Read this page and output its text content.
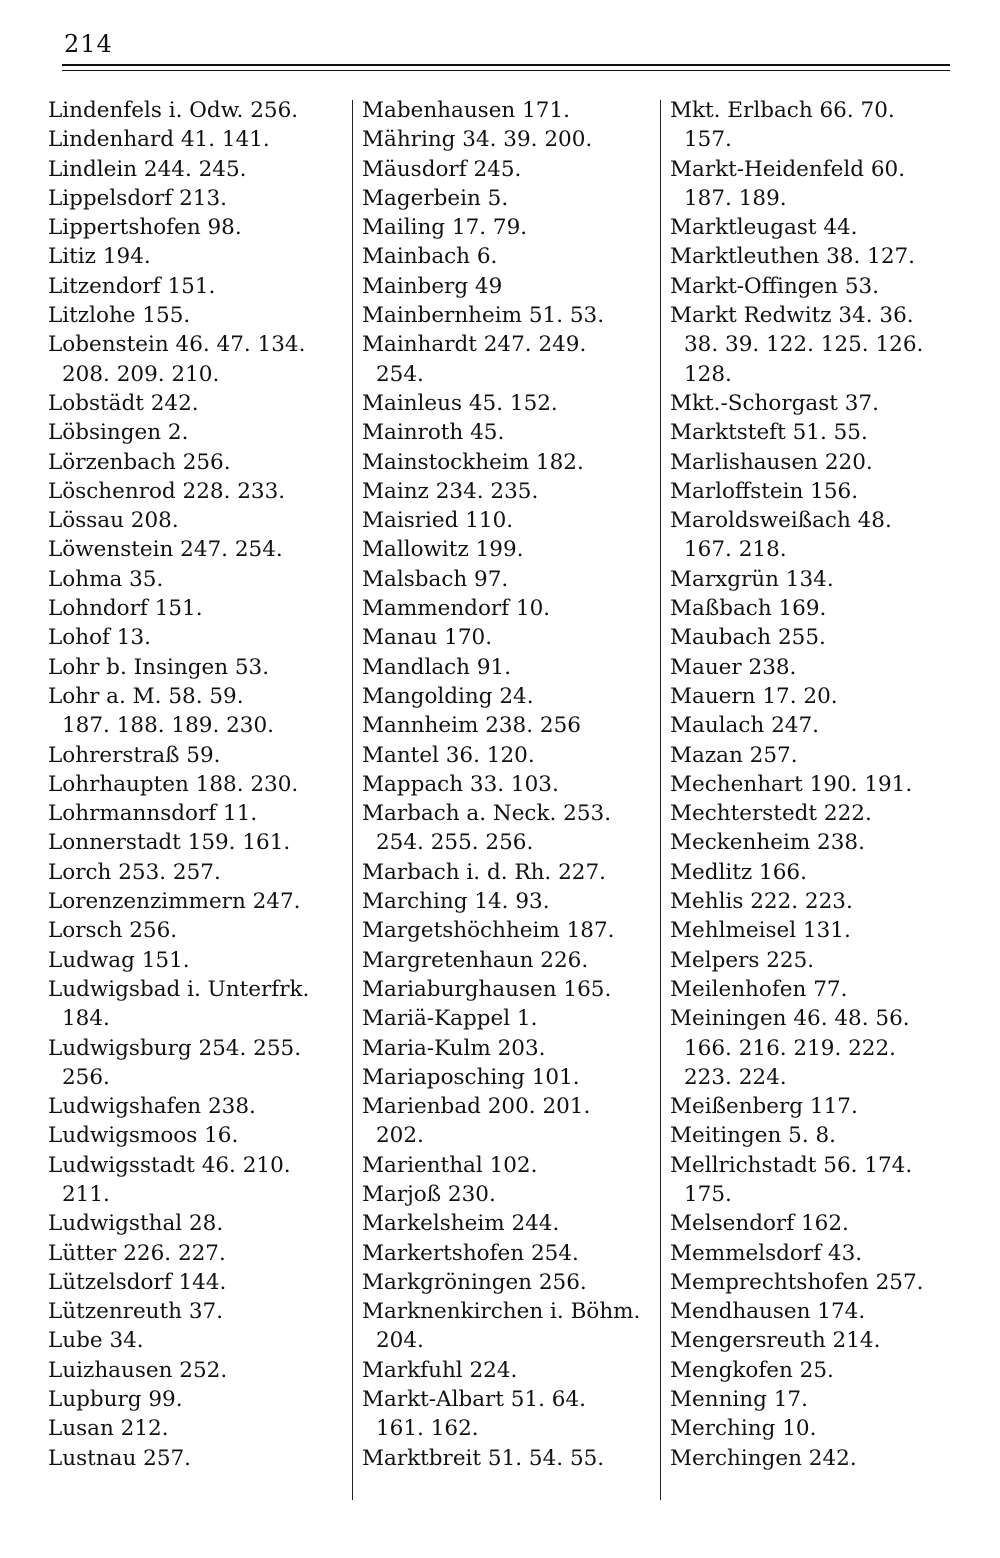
214
Lindenfels i. Odw. 256.
Lindenhard 41. 141.
Lindlein 244. 245.
Lippelsdorf 213.
Lippertshofen 98.
Litiz 194.
Litzendorf 151.
Litzlohe 155.
Lobenstein 46. 47. 134.
208. 209. 210.
Lobstädt 242.
Löbsingen 2.
Lörzenbach 256.
Löschenrod 228. 233.
Lössau 208.
Löwenstein 247. 254.
Lohma 35.
Lohndorf 151.
Lohof 13.
Lohr b. Insingen 53.
Lohr a. M. 58. 59.
187. 188. 189. 230.
Lohrerstraß 59.
Lohrhaupten 188. 230.
Lohrmannsdorf 11.
Lonnerstadt 159. 161.
Lorch 253. 257.
Lorenzenzimmern 247.
Lorsch 256.
Ludwag 151.
Ludwigsbad i. Unterfrk.
184.
Ludwigsburg 254. 255.
256.
Ludwigshafen 238.
Ludwigsmoos 16.
Ludwigsstadt 46. 210.
211.
Ludwigsthal 28.
Lütter 226. 227.
Lützelsdorf 144.
Lützenreuth 37.
Lube 34.
Luizhausen 252.
Lupburg 99.
Lusan 212.
Lustnau 257.
Mabenhausen 171.
Mähring 34. 39. 200.
Mäusdorf 245.
Magerbein 5.
Mailing 17. 79.
Mainbach 6.
Mainberg 49
Mainbernheim 51. 53.
Mainhardt 247. 249.
254.
Mainleus 45. 152.
Mainroth 45.
Mainstockheim 182.
Mainz 234. 235.
Maisried 110.
Mallowitz 199.
Malsbach 97.
Mammendorf 10.
Manau 170.
Mandlach 91.
Mangolding 24.
Mannheim 238. 256
Mantel 36. 120.
Mappach 33. 103.
Marbach a. Neck. 253.
254. 255. 256.
Marbach i. d. Rh. 227.
Marching 14. 93.
Margetshöchheim 187.
Margretenhaun 226.
Mariaburghausen 165.
Mariä-Kappel 1.
Maria-Kulm 203.
Mariaposching 101.
Marienbad 200. 201.
202.
Marienthal 102.
Marjoß 230.
Markelsheim 244.
Markertshofen 254.
Markgröningen 256.
Marknenkirchen i. Böhm.
204.
Markfuhl 224.
Markt-Albart 51. 64.
161. 162.
Marktbreit 51. 54. 55.
Mkt. Erlbach 66. 70.
157.
Markt-Heidenfeld 60.
187. 189.
Marktleugast 44.
Marktleuthen 38. 127.
Markt-Offingen 53.
Markt Redwitz 34. 36.
38. 39. 122. 125. 126.
128.
Mkt.-Schorgast 37.
Marktsteft 51. 55.
Marlishausen 220.
Marloffstein 156.
Maroldsweißach 48.
167. 218.
Marxgrün 134.
Maßbach 169.
Maubach 255.
Mauer 238.
Mauern 17. 20.
Maulach 247.
Mazan 257.
Mechenhart 190. 191.
Mechterstedt 222.
Meckenheim 238.
Medlitz 166.
Mehlis 222. 223.
Mehlmeisel 131.
Melpers 225.
Meilenhofen 77.
Meiningen 46. 48. 56.
166. 216. 219. 222.
223. 224.
Meißenberg 117.
Meitingen 5. 8.
Mellrichstadt 56. 174.
175.
Melsendorf 162.
Memmelsdorf 43.
Memprechtshofen 257.
Mendhausen 174.
Mengersreuth 214.
Mengkofen 25.
Menning 17.
Merching 10.
Merchingen 242.
